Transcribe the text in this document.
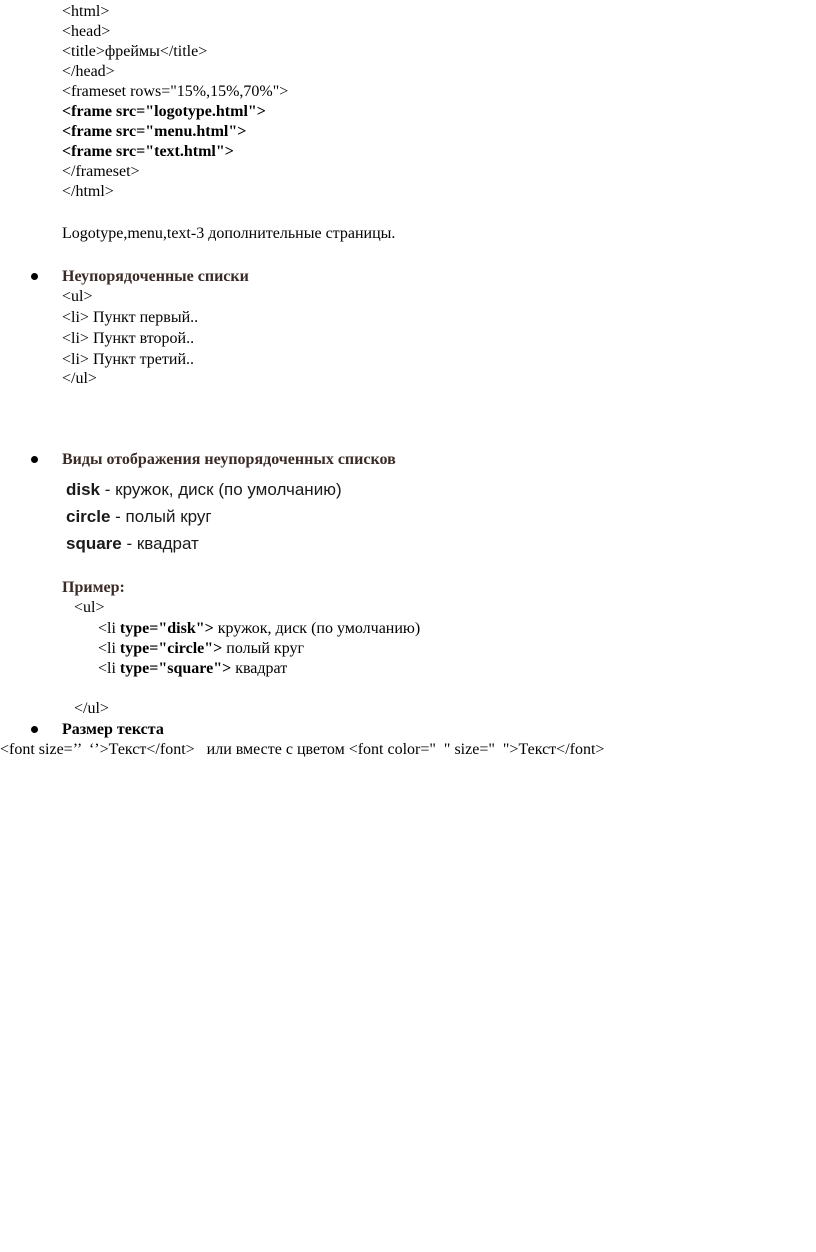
<html>
<head>
<title>фреймы</title>
</head>
<frameset rows="15%,15%,70%">
<frame src="logotype.html">
<frame src="menu.html">
<frame src="text.html">
</frameset>
</html>
Logotype,menu,text-3 дополнительные страницы.
Неупорядоченные списки
<ul>
<li> Пункт первый..
<li> Пункт второй..
<li> Пункт третий..
</ul>
Виды отображения неупорядоченных списков
disk - кружок, диск (по умолчанию)
circle - полый круг
square - квадрат
Пример:
<ul>
<li type="disk"> кружок, диск (по умолчанию)
<li type="circle"> полый круг
<li type="square"> квадрат
</ul>
Размер текста
<font size=’’  ‘’>Текст</font>   или вместе с цветом <font color="  " size="  ">Текст</font>
